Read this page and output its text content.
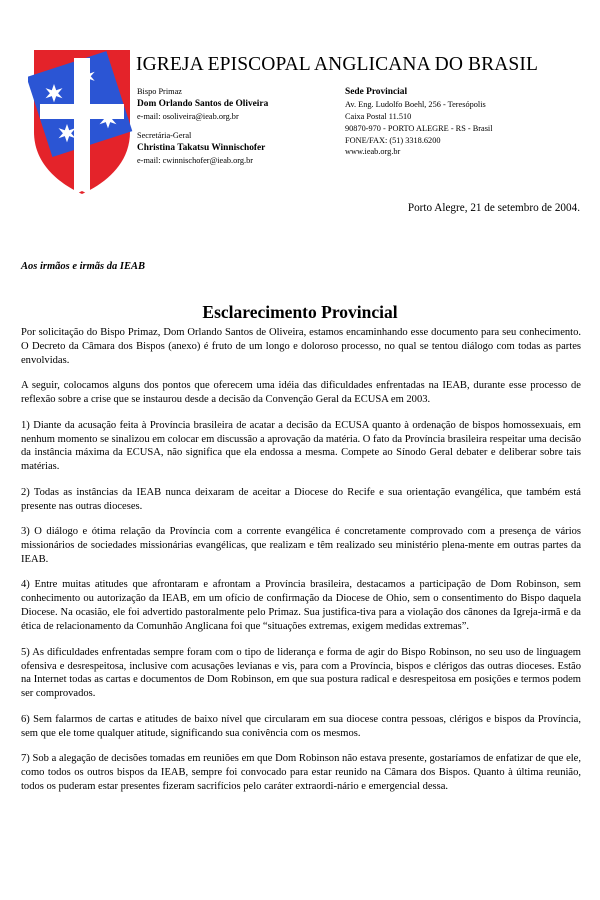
IGREJA EPISCOPAL ANGLICANA DO BRASIL
Bispo Primaz
Dom Orlando Santos de Oliveira
e-mail: osoliveira@ieab.org.br
Secretária-Geral
Christina Takatsu Winnischofer
e-mail: cwinnischofer@ieab.org.br
Sede Provincial
Av. Eng. Ludolfo Boehl, 256 - Teresópolis
Caixa Postal 11.510
90870-970 - PORTO ALEGRE - RS - Brasil
FONE/FAX: (51) 3318.6200
www.ieab.org.br
Porto Alegre, 21 de setembro de 2004.
Aos irmãos e irmãs da IEAB
Esclarecimento Provincial

Por solicitação do Bispo Primaz, Dom Orlando Santos de Oliveira, estamos encaminhando esse documento para seu conhecimento. O Decreto da Câmara dos Bispos (anexo) é fruto de um longo e doloroso processo, no qual se tentou diálogo com todas as partes envolvidas.

A seguir, colocamos alguns dos pontos que oferecem uma idéia das dificuldades enfrentadas na IEAB, durante esse processo de reflexão sobre a crise que se instaurou desde a decisão da Convenção Geral da ECUSA em 2003.

1) Diante da acusação feita à Província brasileira de acatar a decisão da ECUSA quanto à ordenação de bispos homossexuais, em nenhum momento se sinalizou em colocar em discussão a aprovação da matéria. O fato da Província brasileira respeitar uma decisão da instância máxima da ECUSA, não significa que ela endossa a mesma. Compete ao Sínodo Geral debater e deliberar sobre tais matérias.

2) Todas as instâncias da IEAB nunca deixaram de aceitar a Diocese do Recife e sua orientação evangélica, que também está presente nas outras dioceses.

3) O diálogo e ótima relação da Província com a corrente evangélica é concretamente comprovado com a presença de vários missionários de sociedades missionárias evangélicas, que realizam e têm realizado seu ministério plena-mente em outras partes da IEAB.

4) Entre muitas atitudes que afrontaram e afrontam a Província brasileira, destacamos a participação de Dom Robinson, sem conhecimento ou autorização da IEAB, em um ofício de confirmação da Diocese de Ohio, sem o consentimento do Bispo daquela Diocese. Na ocasião, ele foi advertido pastoralmente pelo Primaz. Sua justifica-tiva para a violação dos cânones da Igreja-irmã e da ética de relacionamento da Comunhão Anglicana foi que “situações extremas, exigem medidas extremas”.

5) As dificuldades enfrentadas sempre foram com o tipo de liderança e forma de agir do Bispo Robinson, no seu uso de linguagem ofensiva e desrespeitosa, inclusive com acusações levianas e vis, para com a Província, bispos e clérigos das outras dioceses. Estão na Internet todas as cartas e documentos de Dom Robinson, em que sua postura radical e desrespeitosa em posições e termos podem ser comprovados.

6) Sem falarmos de cartas e atitudes de baixo nível que circularam em sua diocese contra pessoas, clérigos e bispos da Província, sem que ele tome qualquer atitude, significando sua conivência com os mesmos.

7) Sob a alegação de decisões tomadas em reuniões em que Dom Robinson não estava presente, gostaríamos de enfatizar de que ele, como todos os outros bispos da IEAB, sempre foi convocado para estar reunido na Câmara dos Bispos. Quanto à última reunião, todos os puderam estar presentes fizeram sacrifícios pelo caráter extraordi-nário e emergencial dessa.
